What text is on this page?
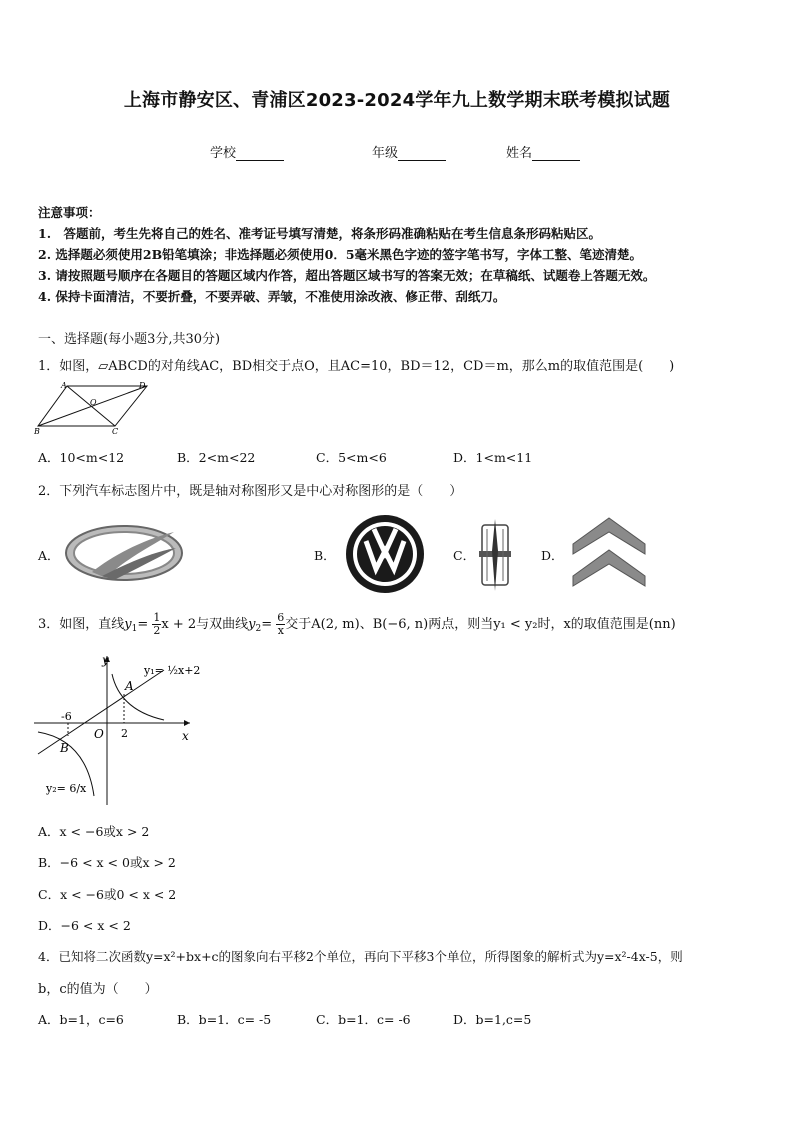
上海市静安区、青浦区2023-2024学年九上数学期末联考模拟试题
学校	年级	姓名
注意事项：
1.　答题前，考生先将自己的姓名、准考证号填写清楚，将条形码准确粘贴在考生信息条形码粘贴区。
2. 选择题必须使用2B铅笔填涂；非选择题必须使用0．5毫米黑色字迹的签字笔书写，字体工整、笔迹清楚。
3. 请按照题号顺序在各题目的答题区域内作答，超出答题区域书写的答案无效；在草稿纸、试题卷上答题无效。
4. 保持卡面清洁，不要折叠，不要弄破、弄皱，不准使用涂改液、修正带、刮纸刀。
一、选择题(每小题3分,共30分)
1．如图，▱ABCD的对角线AC，BD相交于点O，且AC=10，BD＝12，CD＝m，那么m的取值范围是(　　)
A	D
B	C
O
A．10<m<12	B．2<m<22	C．5<m<6	D．1<m<11
2．下列汽车标志图片中，既是轴对称图形又是中心对称图形的是（　　）
A．	B．	C．	D．
3．如图，直线$y_1= \frac{1}{2}$ x + 2与双曲线$y_2= \frac{6}{x}$ 交于A(2, m)、B(−6, n)两点，则当y₁ < y₂时，x的取值范围是(nn)
y
x
O
A
B
-6
2
y₁= ½x+2
y₂= 6/x
A．x < −6或x > 2
B．−6 < x < 0或x > 2
C．x < −6或0 < x < 2
D．−6 < x < 2
4．已知将二次函数y=x²+bx+c的图象向右平移2个单位，再向下平移3个单位，所得图象的解析式为y=x²-4x-5，则
b，c的值为（　　）
A．b=1，c=6	B．b=1．c= -5	C．b=1．c= -6	D．b=1,c=5
